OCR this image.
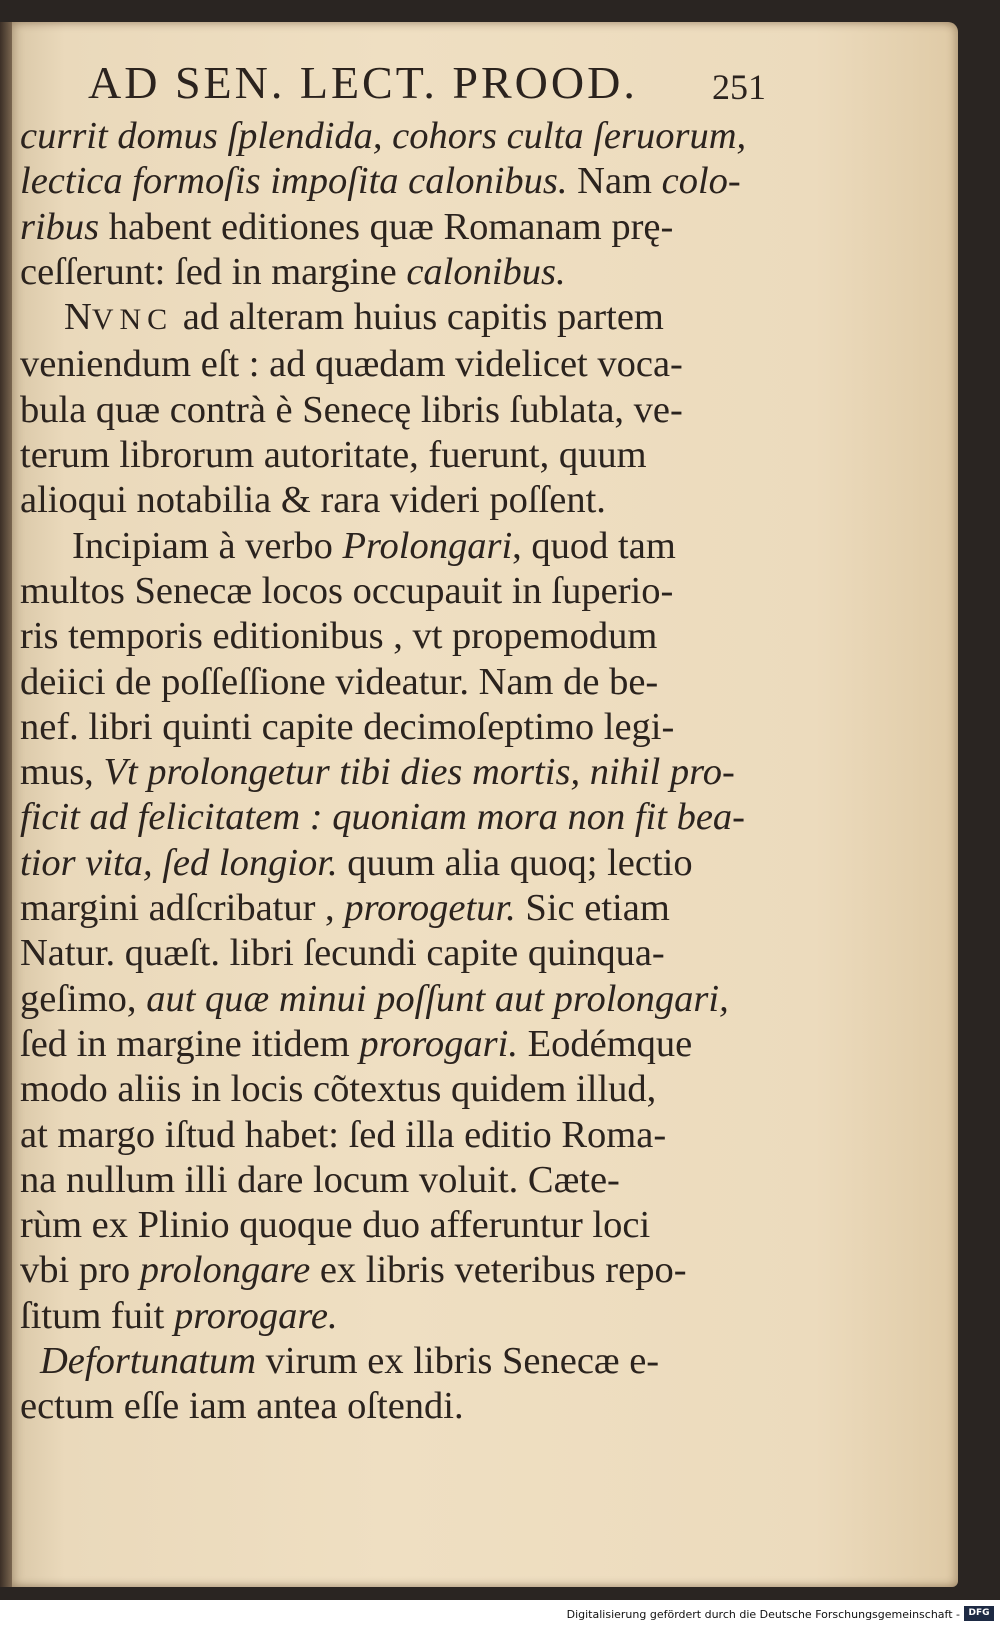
AD SEN. LECT. PROOD. 251
currit domus ſplendida, cohors culta ſeruorum,
lectica formoſis impoſita calonibus. Nam colo-
ribus habent editiones quæ Romanam prę-
ceſſerunt: ſed in margine calonibus.
NVNC ad alteram huius capitis partem
veniendum eſt : ad quædam videlicet voca-
bula quæ contrà è Senecę libris ſublata, ve-
terum librorum autoritate, fuerunt, quum
alioqui notabilia & rara videri poſſent.
Incipiam à verbo Prolongari, quod tam
multos Senecæ locos occupauit in ſuperio-
ris temporis editionibus , vt propemodum
deiici de poſſeſſione videatur. Nam de be-
nef. libri quinti capite decimoſeptimo legi-
mus, Vt prolongetur tibi dies mortis, nihil pro-
ficit ad felicitatem : quoniam mora non fit bea-
tior vita, ſed longior. quum alia quoq; lectio
margini adſcribatur , prorogetur. Sic etiam
Natur. quæſt. libri ſecundi capite quinqua-
geſimo, aut quæ minui poſſunt aut prolongari,
ſed in margine itidem prorogari. Eodémque
modo aliis in locis cõtextus quidem illud,
at margo iſtud habet: ſed illa editio Roma-
na nullum illi dare locum voluit. Cæte-
rùm ex Plinio quoque duo afferuntur loci
vbi pro prolongare ex libris veteribus repo-
ſitum fuit prorogare.
Defortunatum virum ex libris Senecæ e-
ectum eſſe iam antea oſtendi.
Digitalisierung gefördert durch die Deutsche Forschungsgemeinschaft - DFG
